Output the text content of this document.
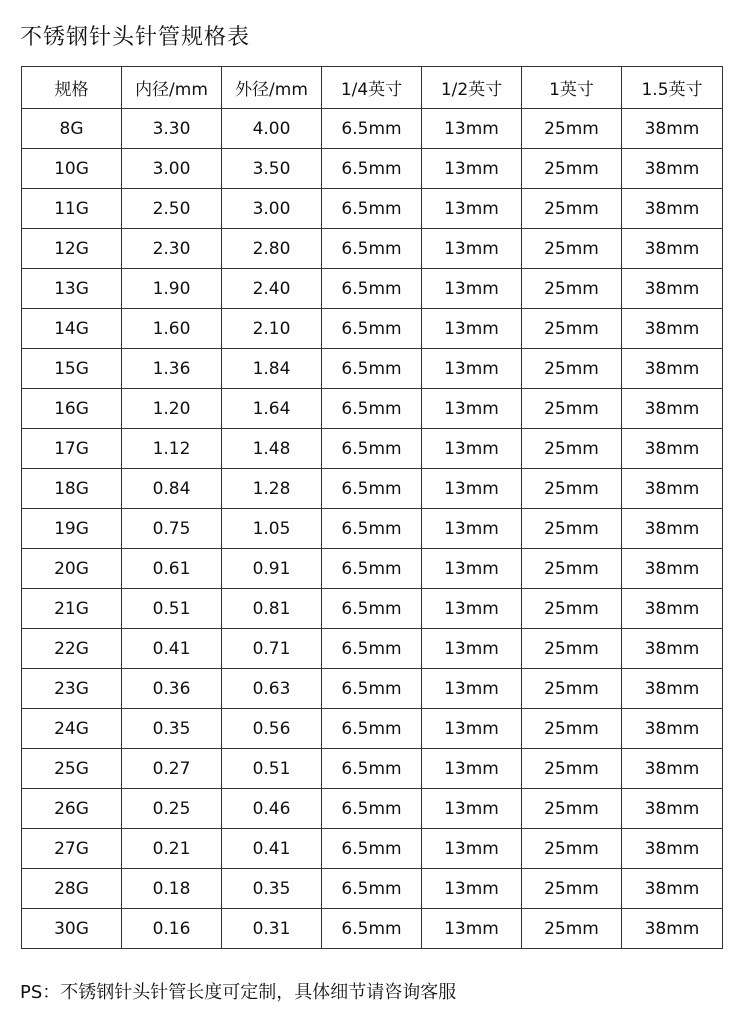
不锈钢针头针管规格表
规格	内径/mm	外径/mm	1/4英寸	1/2英寸	1英寸	1.5英寸
8G	3.30	4.00	6.5mm	13mm	25mm	38mm
10G	3.00	3.50	6.5mm	13mm	25mm	38mm
11G	2.50	3.00	6.5mm	13mm	25mm	38mm
12G	2.30	2.80	6.5mm	13mm	25mm	38mm
13G	1.90	2.40	6.5mm	13mm	25mm	38mm
14G	1.60	2.10	6.5mm	13mm	25mm	38mm
15G	1.36	1.84	6.5mm	13mm	25mm	38mm
16G	1.20	1.64	6.5mm	13mm	25mm	38mm
17G	1.12	1.48	6.5mm	13mm	25mm	38mm
18G	0.84	1.28	6.5mm	13mm	25mm	38mm
19G	0.75	1.05	6.5mm	13mm	25mm	38mm
20G	0.61	0.91	6.5mm	13mm	25mm	38mm
21G	0.51	0.81	6.5mm	13mm	25mm	38mm
22G	0.41	0.71	6.5mm	13mm	25mm	38mm
23G	0.36	0.63	6.5mm	13mm	25mm	38mm
24G	0.35	0.56	6.5mm	13mm	25mm	38mm
25G	0.27	0.51	6.5mm	13mm	25mm	38mm
26G	0.25	0.46	6.5mm	13mm	25mm	38mm
27G	0.21	0.41	6.5mm	13mm	25mm	38mm
28G	0.18	0.35	6.5mm	13mm	25mm	38mm
30G	0.16	0.31	6.5mm	13mm	25mm	38mm

PS：不锈钢针头针管长度可定制，具体细节请咨询客服
